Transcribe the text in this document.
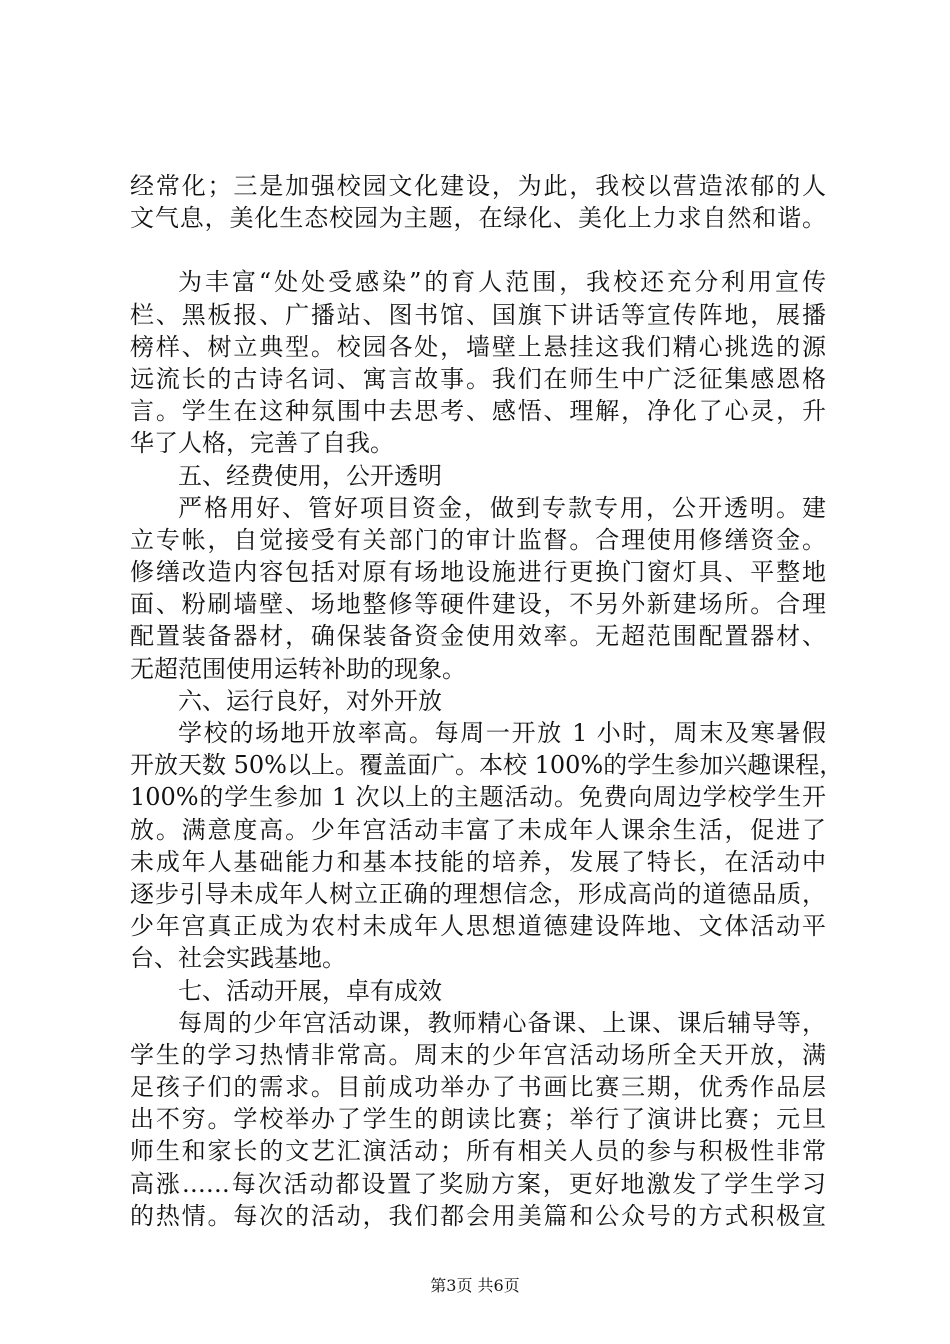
经常化；三是加强校园文化建设，为此，我校以营造浓郁的人
文气息，美化生态校园为主题，在绿化、美化上力求自然和谐。
为丰富“处处受感染”的育人范围，我校还充分利用宣传
栏、黑板报、广播站、图书馆、国旗下讲话等宣传阵地，展播
榜样、树立典型。校园各处，墙壁上悬挂这我们精心挑选的源
远流长的古诗名词、寓言故事。我们在师生中广泛征集感恩格
言。学生在这种氛围中去思考、感悟、理解，净化了心灵，升
华了人格，完善了自我。
五、经费使用，公开透明
严格用好、管好项目资金，做到专款专用，公开透明。建
立专帐，自觉接受有关部门的审计监督。合理使用修缮资金。
修缮改造内容包括对原有场地设施进行更换门窗灯具、平整地
面、粉刷墙壁、场地整修等硬件建设，不另外新建场所。合理
配置装备器材，确保装备资金使用效率。无超范围配置器材、
无超范围使用运转补助的现象。
六、运行良好，对外开放
学校的场地开放率高。每周一开放 1 小时，周末及寒暑假
开放天数 50%以上。覆盖面广。本校 100%的学生参加兴趣课程，
100%的学生参加 1 次以上的主题活动。免费向周边学校学生开
放。满意度高。少年宫活动丰富了未成年人课余生活，促进了
未成年人基础能力和基本技能的培养，发展了特长，在活动中
逐步引导未成年人树立正确的理想信念，形成高尚的道德品质，
少年宫真正成为农村未成年人思想道德建设阵地、文体活动平
台、社会实践基地。
七、活动开展，卓有成效
每周的少年宫活动课，教师精心备课、上课、课后辅导等，
学生的学习热情非常高。周末的少年宫活动场所全天开放，满
足孩子们的需求。目前成功举办了书画比赛三期，优秀作品层
出不穷。学校举办了学生的朗读比赛；举行了演讲比赛；元旦
师生和家长的文艺汇演活动；所有相关人员的参与积极性非常
高涨……每次活动都设置了奖励方案，更好地激发了学生学习
的热情。每次的活动，我们都会用美篇和公众号的方式积极宣
第3页 共6页
